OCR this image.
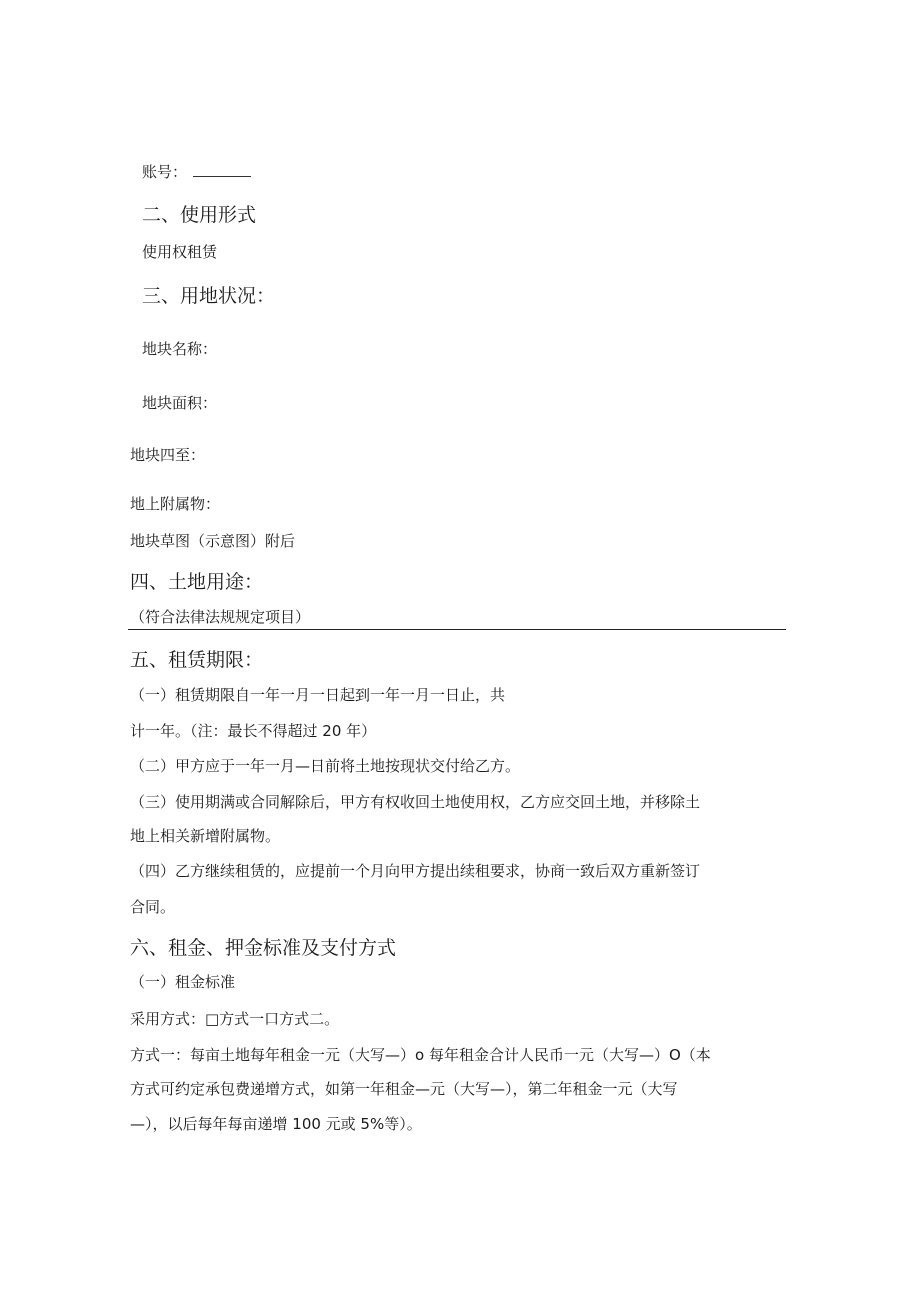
账号：
二、使用形式
使用权租赁
三、用地状况：
地块名称：
地块面积：
地块四至：
地上附属物：
地块草图（示意图）附后
四、土地用途：
（符合法律法规规定项目）
五、租赁期限：
（一）租赁期限自一年一月一日起到一年一月一日止，共
计一年。（注：最长不得超过 20 年）
（二）甲方应于一年一月—日前将土地按现状交付给乙方。
（三）使用期满或合同解除后，甲方有权收回土地使用权，乙方应交回土地，并移除土
地上相关新增附属物。
（四）乙方继续租赁的，应提前一个月向甲方提出续租要求，协商一致后双方重新签订
合同。
六、租金、押金标准及支付方式
（一）租金标准
采用方式：□方式一口方式二。
方式一：每亩土地每年租金一元（大写—）o 每年租金合计人民币一元（大写—）O（本
方式可约定承包费递增方式，如第一年租金—元（大写—），第二年租金一元（大写
—），以后每年每亩递增 100 元或 5%等）。
